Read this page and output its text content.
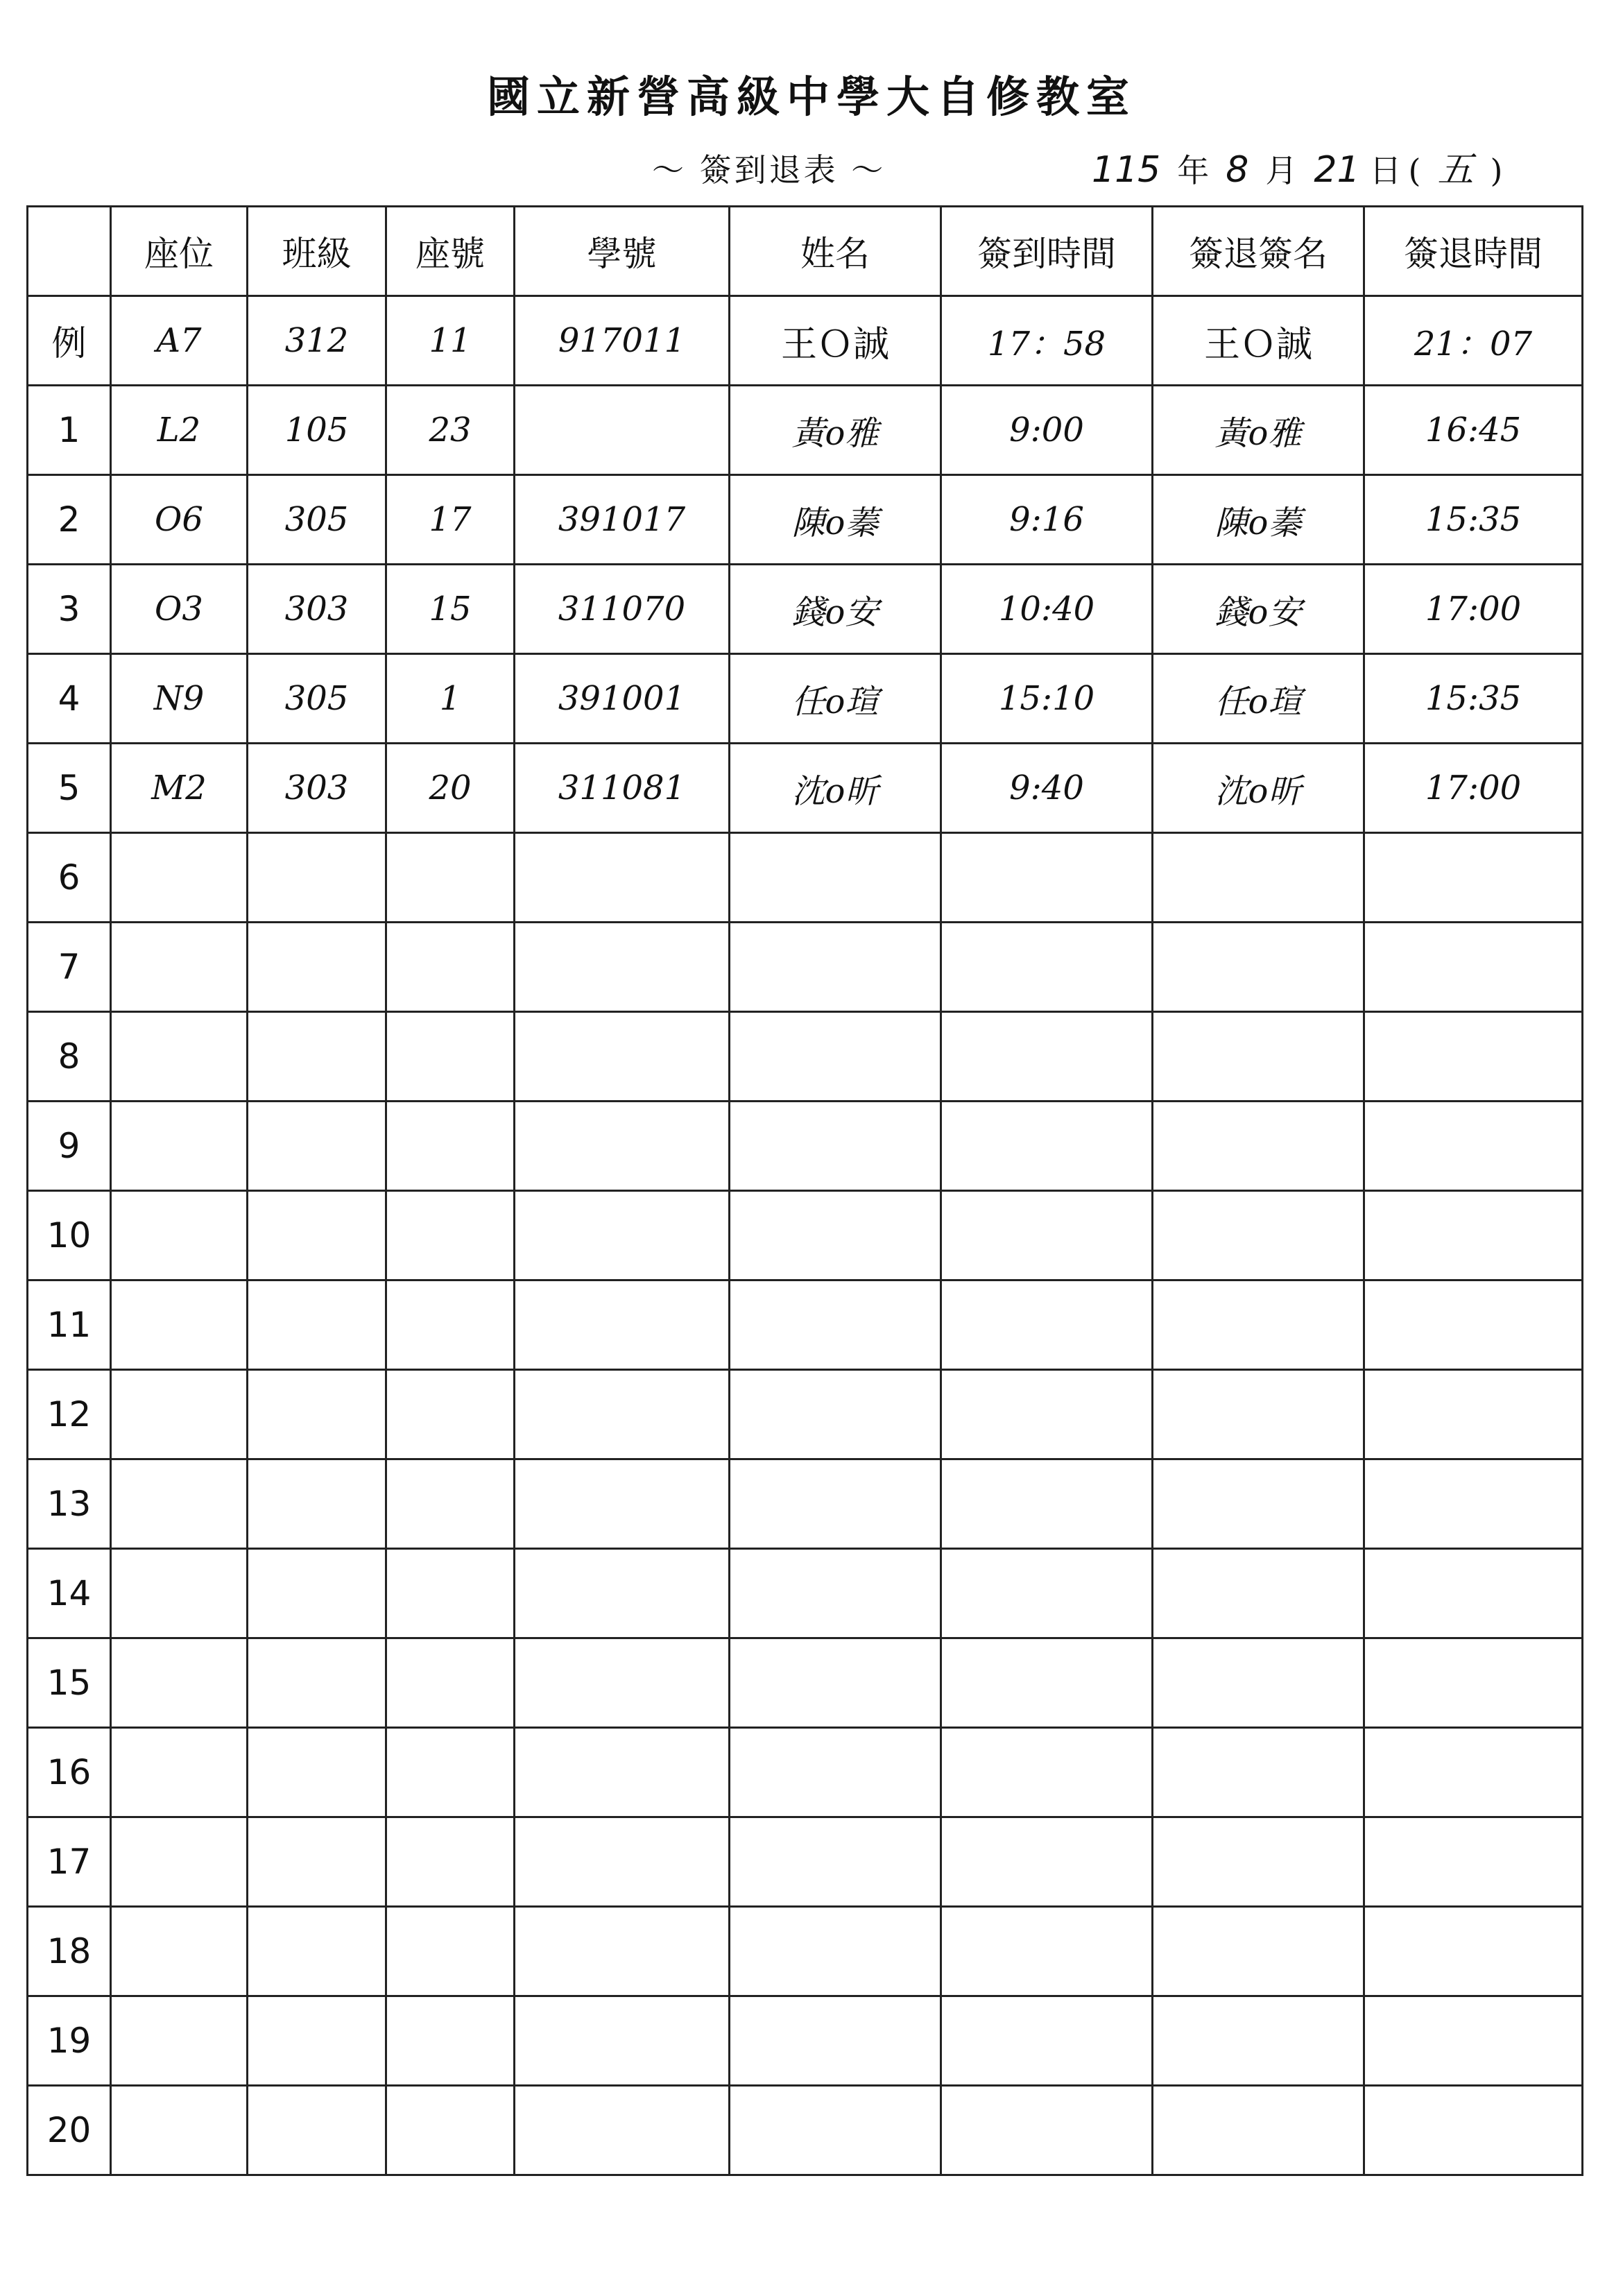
國立新營高級中學大自修教室
～ 簽到退表 ～	115 年 8 月 21 日 ( 五 )
	座位	班級	座號	學號	姓名	簽到時間	簽退簽名	簽退時間
例	A7	312	11	917011	王Ｏ誠	17：58	王Ｏ誠	21：07
1	L2	105	23		黃o雅	9:00	黃o雅	16:45
2	O6	305	17	391017	陳o蓁	9:16	陳o蓁	15:35
3	O3	303	15	311070	錢o安	10:40	錢o安	17:00
4	N9	305	1	391001	任o瑄	15:10	任o瑄	15:35
5	M2	303	20	311081	沈o昕	9:40	沈o昕	17:00
6								
7								
8								
9								
10								
11								
12								
13								
14								
15								
16								
17								
18								
19								
20								
